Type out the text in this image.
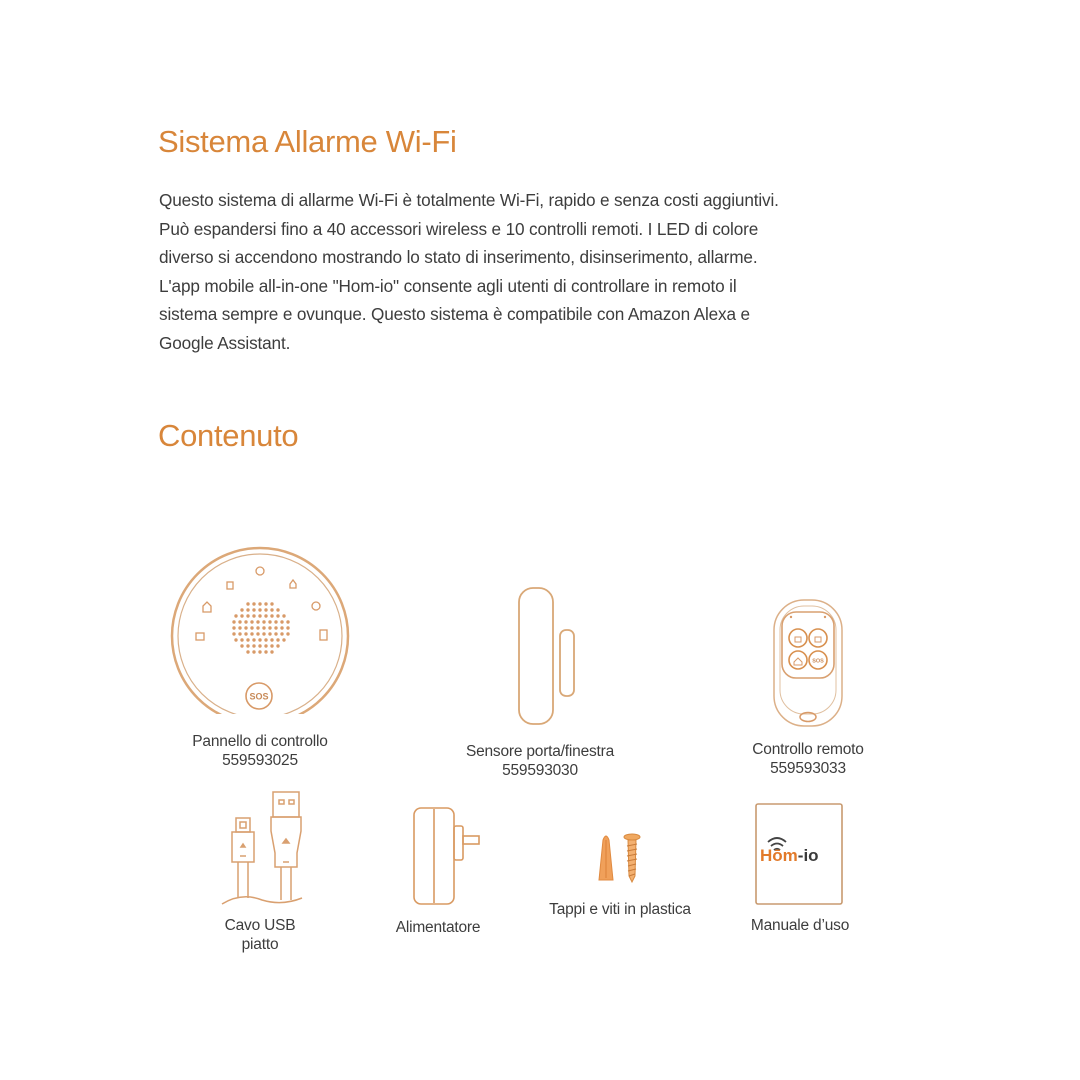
Sistema Allarme Wi-Fi

Questo sistema di allarme Wi-Fi è totalmente Wi-Fi, rapido e senza costi aggiuntivi.

Può espandersi fino a 40 accessori wireless e 10 controlli remoti. I LED di colore

diverso si accendono mostrando lo stato di inserimento, disinserimento, allarme.

L'app mobile all-in-one "Hom-io" consente agli utenti di controllare in remoto il

sistema sempre e ovunque. Questo sistema è compatibile con Amazon Alexa e

Google Assistant.

Contenuto
SOS
Pannello di controllo
559593025
Sensore porta/finestra
559593030
SOS
Controllo remoto
559593033
Cavo USB
piatto
Alimentatore
Tappi e viti in plastica
Hōm-io
Manuale d’uso
